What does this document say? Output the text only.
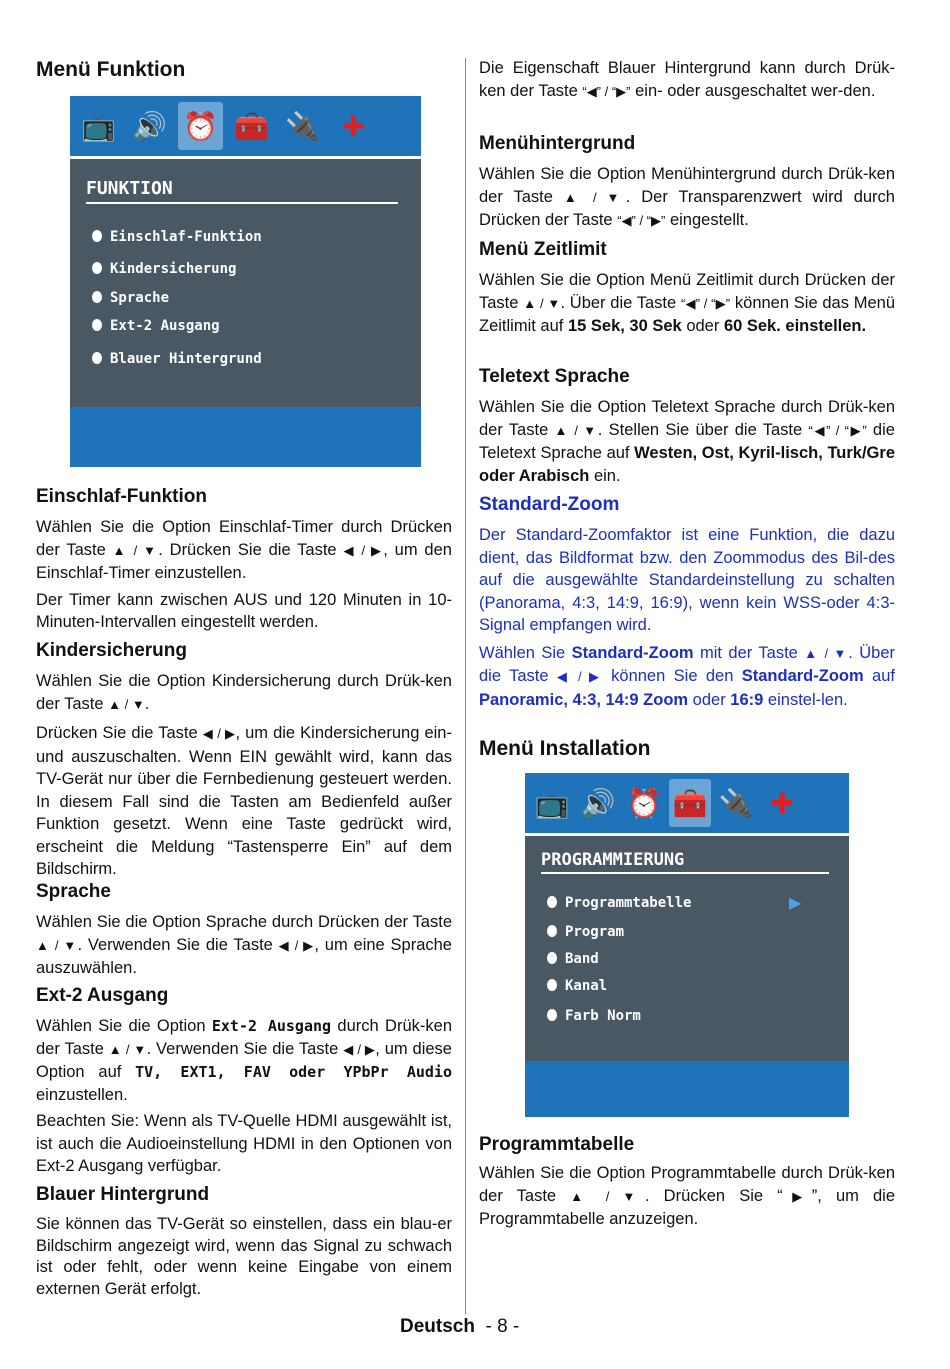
Menü Funktion
📺 🔊 ⏰ 🧰 🔌 ✚
FUNKTION
Einschlaf-Funktion
Kindersicherung
Sprache
Ext-2 Ausgang
Blauer Hintergrund
Einschlaf-Funktion

Wählen Sie die Option Einschlaf-Timer durch Drücken der Taste ▲ / ▼. Drücken Sie die Taste ◀ / ▶, um den Einschlaf-Timer einzustellen.

Der Timer kann zwischen AUS und 120 Minuten in 10-Minuten-Intervallen eingestellt werden.

Kindersicherung

Wählen Sie die Option Kindersicherung durch Drük-ken der Taste ▲ / ▼.

Drücken Sie die Taste ◀ / ▶, um die Kindersicherung ein- und auszuschalten. Wenn EIN gewählt wird, kann das TV-Gerät nur über die Fernbedienung gesteuert werden. In diesem Fall sind die Tasten am Bedienfeld außer Funktion gesetzt. Wenn eine Taste gedrückt wird, erscheint die Meldung “Tastensperre Ein” auf dem Bildschirm.

Sprache

Wählen Sie die Option Sprache durch Drücken der Taste ▲ / ▼. Verwenden Sie die Taste ◀ / ▶, um eine Sprache auszuwählen.

Ext-2 Ausgang

Wählen Sie die Option Ext-2 Ausgang durch Drük-ken der Taste ▲ / ▼. Verwenden Sie die Taste ◀ / ▶, um diese Option auf TV, EXT1, FAV oder YPbPr Audio einzustellen.

Beachten Sie: Wenn als TV-Quelle HDMI ausgewählt ist, ist auch die Audioeinstellung HDMI in den Optionen von Ext-2 Ausgang verfügbar.

Blauer Hintergrund

Sie können das TV-Gerät so einstellen, dass ein blau-er Bildschirm angezeigt wird, wenn das Signal zu schwach ist oder fehlt, oder wenn keine Eingabe von einem externen Gerät erfolgt.

Die Eigenschaft Blauer Hintergrund kann durch Drük-ken der Taste “◀” / “▶” ein- oder ausgeschaltet wer-den.

Menühintergrund

Wählen Sie die Option Menühintergrund durch Drük-ken der Taste ▲ / ▼. Der Transparenzwert wird durch Drücken der Taste “◀” / “▶” eingestellt.

Menü Zeitlimit

Wählen Sie die Option Menü Zeitlimit durch Drücken der Taste ▲ / ▼. Über die Taste “◀” / “▶” können Sie das Menü Zeitlimit auf 15 Sek, 30 Sek oder 60 Sek. einstellen.

Teletext Sprache

Wählen Sie die Option Teletext Sprache durch Drük-ken der Taste ▲ / ▼. Stellen Sie über die Taste “◀” / “▶” die Teletext Sprache auf Westen, Ost, Kyril-lisch, Turk/Gre oder Arabisch ein.

Standard-Zoom

Der Standard-Zoomfaktor ist eine Funktion, die dazu dient, das Bildformat bzw. den Zoommodus des Bil-des auf die ausgewählte Standardeinstellung zu schalten (Panorama, 4:3, 14:9, 16:9), wenn kein WSS-oder 4:3-Signal empfangen wird.

Wählen Sie Standard-Zoom mit der Taste ▲ / ▼. Über die Taste ◀ / ▶ können Sie den Standard-Zoom auf Panoramic, 4:3, 14:9 Zoom oder 16:9 einstel-len.

Menü Installation
📺 🔊 ⏰ 🧰 🔌 ✚
PROGRAMMIERUNG
Programmtabelle	▶
Program
Band
Kanal
Farb Norm
Programmtabelle

Wählen Sie die Option Programmtabelle durch Drük-ken der Taste ▲ / ▼. Drücken Sie “▶”, um die Programmtabelle anzuzeigen.

Deutsch - 8 -
